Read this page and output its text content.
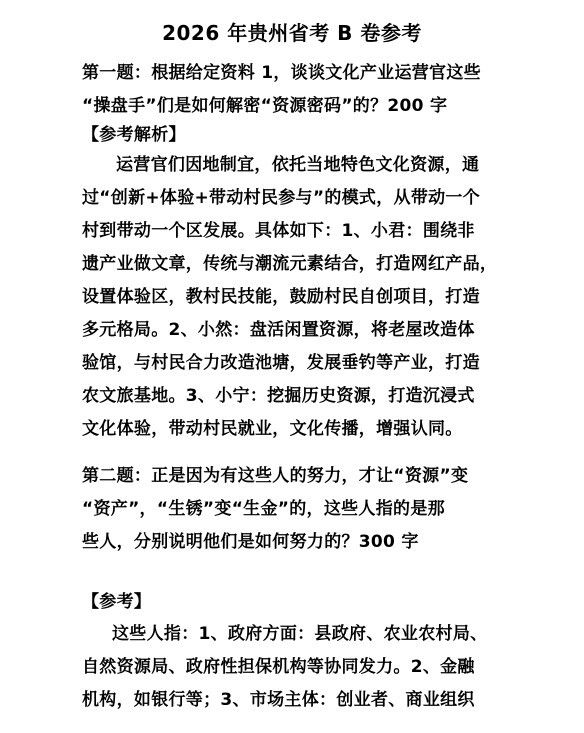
2026 年贵州省考 B 卷参考
第一题：根据给定资料 1，谈谈文化产业运营官这些
“操盘手”们是如何解密“资源密码”的？200 字
【参考解析】
运营官们因地制宜，依托当地特色文化资源，通
过“创新+体验+带动村民参与”的模式，从带动一个
村到带动一个区发展。具体如下：1、小君：围绕非
遗产业做文章，传统与潮流元素结合，打造网红产品，
设置体验区，教村民技能，鼓励村民自创项目，打造
多元格局。2、小然：盘活闲置资源，将老屋改造体
验馆，与村民合力改造池塘，发展垂钓等产业，打造
农文旅基地。3、小宁：挖掘历史资源，打造沉浸式
文化体验，带动村民就业，文化传播，增强认同。
第二题：正是因为有这些人的努力，才让“资源”变
“资产”，“生锈”变“生金”的，这些人指的是那
些人，分别说明他们是如何努力的？300 字
【参考】
这些人指：1、政府方面：县政府、农业农村局、
自然资源局、政府性担保机构等协同发力。2、金融
机构，如银行等；3、市场主体：创业者、商业组织
